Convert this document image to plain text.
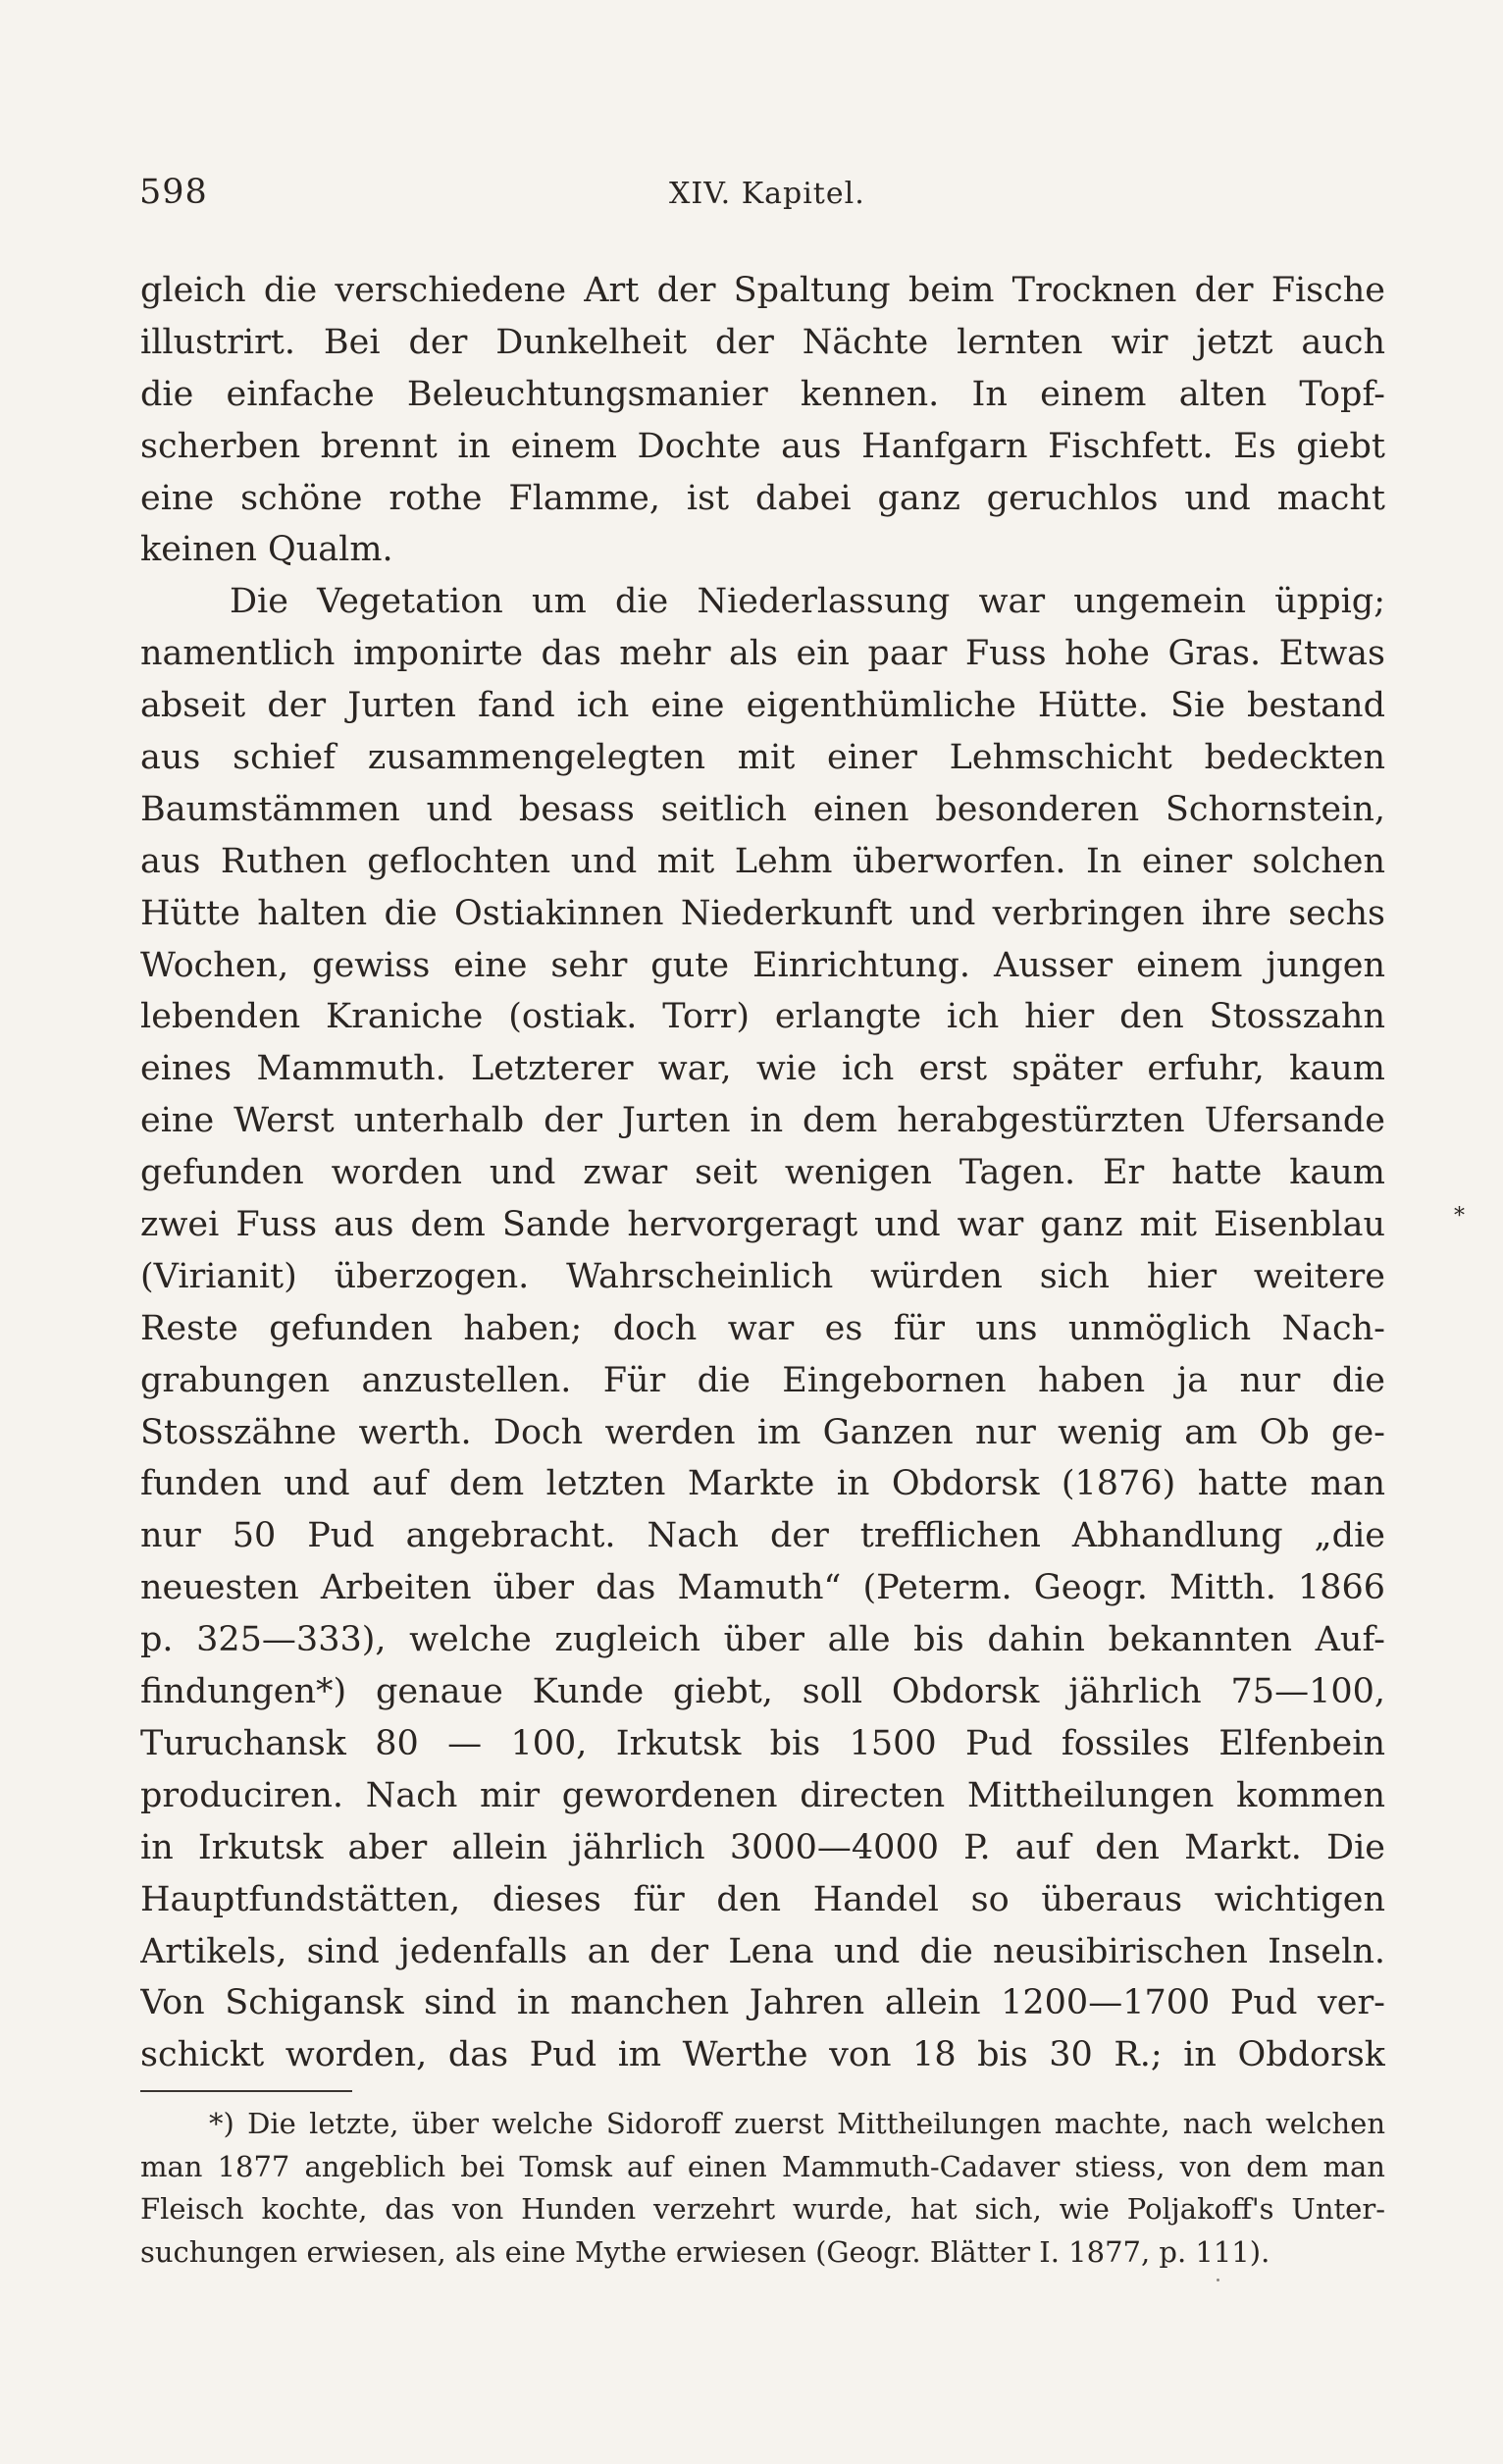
598	XIV. Kapitel.
gleich die verschiedene Art der Spaltung beim Trocknen der Fische
illustrirt. Bei der Dunkelheit der Nächte lernten wir jetzt auch
die einfache Beleuchtungsmanier kennen. In einem alten Topf-
scherben brennt in einem Dochte aus Hanfgarn Fischfett. Es giebt
eine schöne rothe Flamme, ist dabei ganz geruchlos und macht
keinen Qualm.
Die Vegetation um die Niederlassung war ungemein üppig;
namentlich imponirte das mehr als ein paar Fuss hohe Gras. Etwas
abseit der Jurten fand ich eine eigenthümliche Hütte. Sie bestand
aus schief zusammengelegten mit einer Lehmschicht bedeckten
Baumstämmen und besass seitlich einen besonderen Schornstein,
aus Ruthen geflochten und mit Lehm überworfen. In einer solchen
Hütte halten die Ostiakinnen Niederkunft und verbringen ihre sechs
Wochen, gewiss eine sehr gute Einrichtung. Ausser einem jungen
lebenden Kraniche (ostiak. Torr) erlangte ich hier den Stosszahn
eines Mammuth. Letzterer war, wie ich erst später erfuhr, kaum
eine Werst unterhalb der Jurten in dem herabgestürzten Ufersande
gefunden worden und zwar seit wenigen Tagen. Er hatte kaum
zwei Fuss aus dem Sande hervorgeragt und war ganz mit Eisenblau
(Virianit) überzogen. Wahrscheinlich würden sich hier weitere
Reste gefunden haben; doch war es für uns unmöglich Nach-
grabungen anzustellen. Für die Eingebornen haben ja nur die
Stosszähne werth. Doch werden im Ganzen nur wenig am Ob ge-
funden und auf dem letzten Markte in Obdorsk (1876) hatte man
nur 50 Pud angebracht. Nach der trefflichen Abhandlung „die
neuesten Arbeiten über das Mamuth“ (Peterm. Geogr. Mitth. 1866
p. 325—333), welche zugleich über alle bis dahin bekannten Auf-
findungen*) genaue Kunde giebt, soll Obdorsk jährlich 75—100,
Turuchansk 80 — 100, Irkutsk bis 1500 Pud fossiles Elfenbein
produciren. Nach mir gewordenen directen Mittheilungen kommen
in Irkutsk aber allein jährlich 3000—4000 P. auf den Markt. Die
Hauptfundstätten, dieses für den Handel so überaus wichtigen
Artikels, sind jedenfalls an der Lena und die neusibirischen Inseln.
Von Schigansk sind in manchen Jahren allein 1200—1700 Pud ver-
schickt worden, das Pud im Werthe von 18 bis 30 R.; in Obdorsk
*
*) Die letzte, über welche Sidoroff zuerst Mittheilungen machte, nach welchen
man 1877 angeblich bei Tomsk auf einen Mammuth-Cadaver stiess, von dem man
Fleisch kochte, das von Hunden verzehrt wurde, hat sich, wie Poljakoff's Unter-
suchungen erwiesen, als eine Mythe erwiesen (Geogr. Blätter I. 1877, p. 111).
